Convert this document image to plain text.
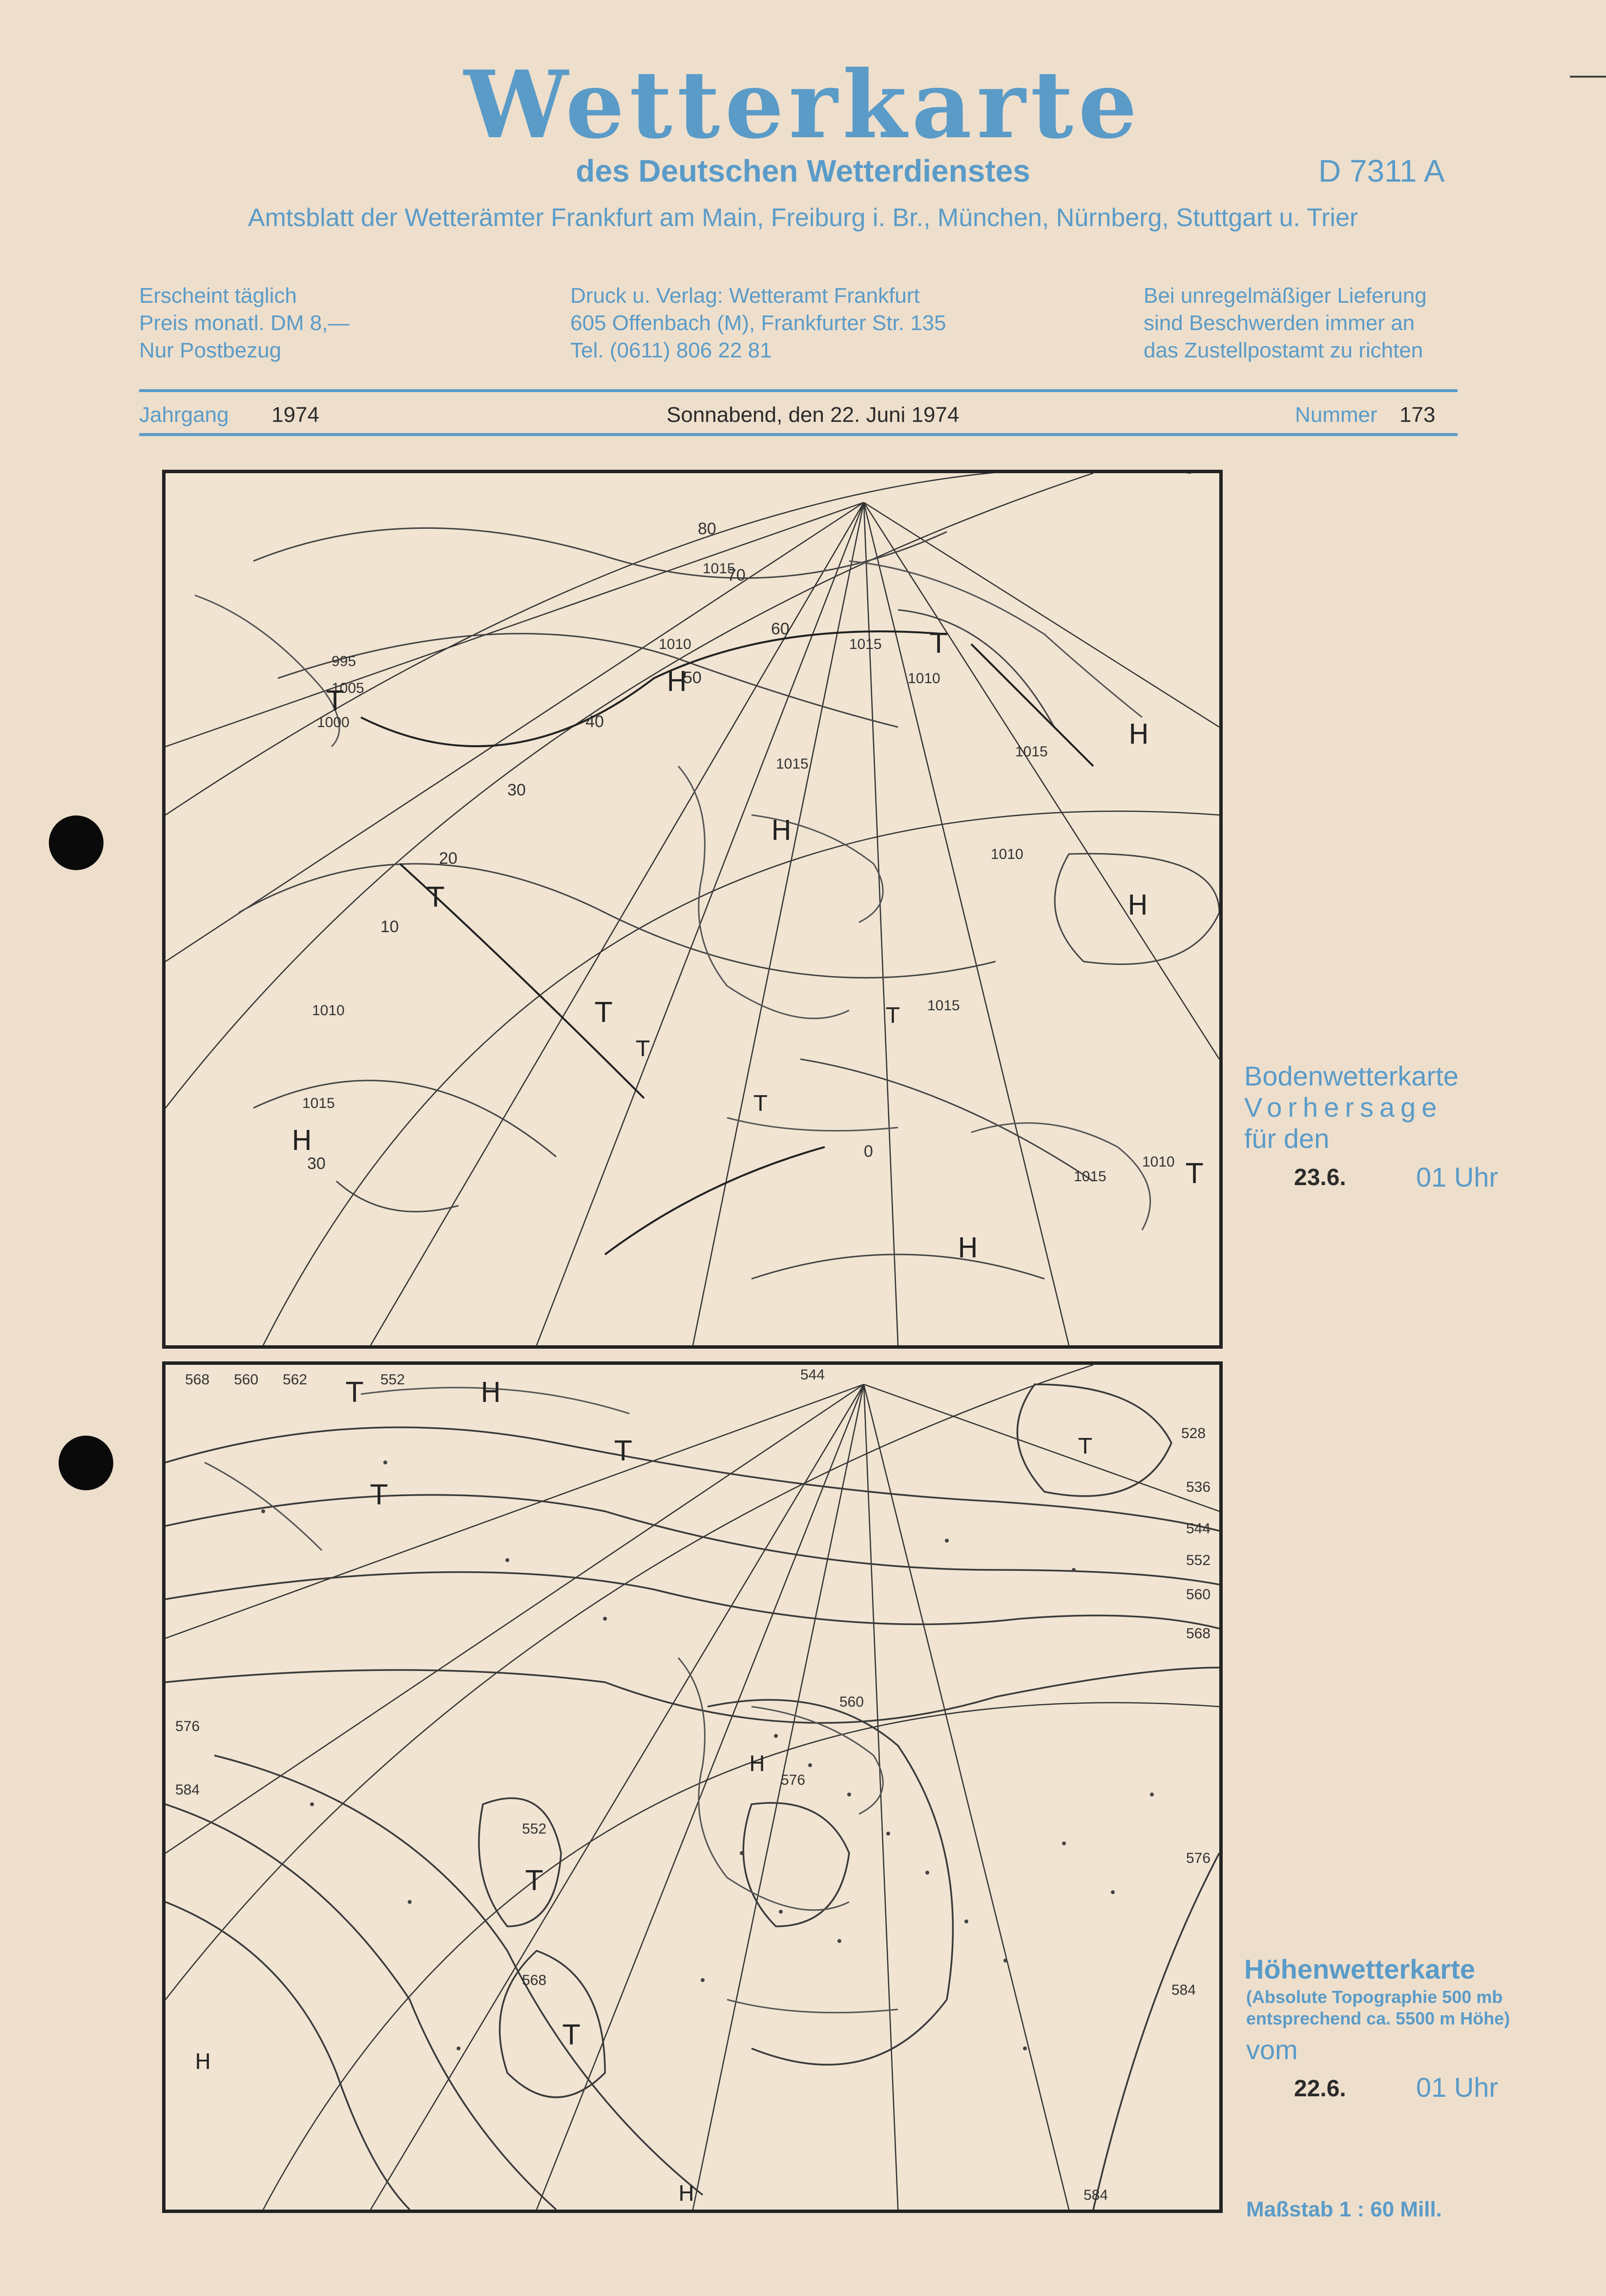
Wetterkarte
des Deutschen Wetterdienstes	D 7311 A
Amtsblatt der Wetterämter Frankfurt am Main, Freiburg i. Br., München, Nürnberg, Stuttgart u. Trier
Erscheint täglich
Preis monatl. DM 8,—
Nur Postbezug
Druck u. Verlag: Wetteramt Frankfurt
605 Offenbach (M), Frankfurter Str. 135
Tel. (0611) 806 22 81
Bei unregelmäßiger Lieferung
sind Beschwerden immer an
das Zustellpostamt zu richten
Jahrgang 1974	Sonnabend, den 22. Juni 1974	Nummer 173
80
70
60
50
40
30
20
10
0
30
1015
1010
1005
1000
995
1015
1010
1015
1010
1015
1010
1015
1015
1015
1010
H
H
H
H
H
H
T
T
T
T	T
T
T
T
Bodenwetterkarte
Vorhersage
für den
23.6.	01 Uhr
568 560 562	552	544
528
536
544
552
560
568
576
584
552
576
584
560
568
576
584
H
H
H
H
T
T
T
T
T
T
Höhenwetterkarte
(Absolute Topographie 500 mb
entsprechend ca. 5500 m Höhe)
vom
22.6.	01 Uhr
Maßstab 1 : 60 Mill.
